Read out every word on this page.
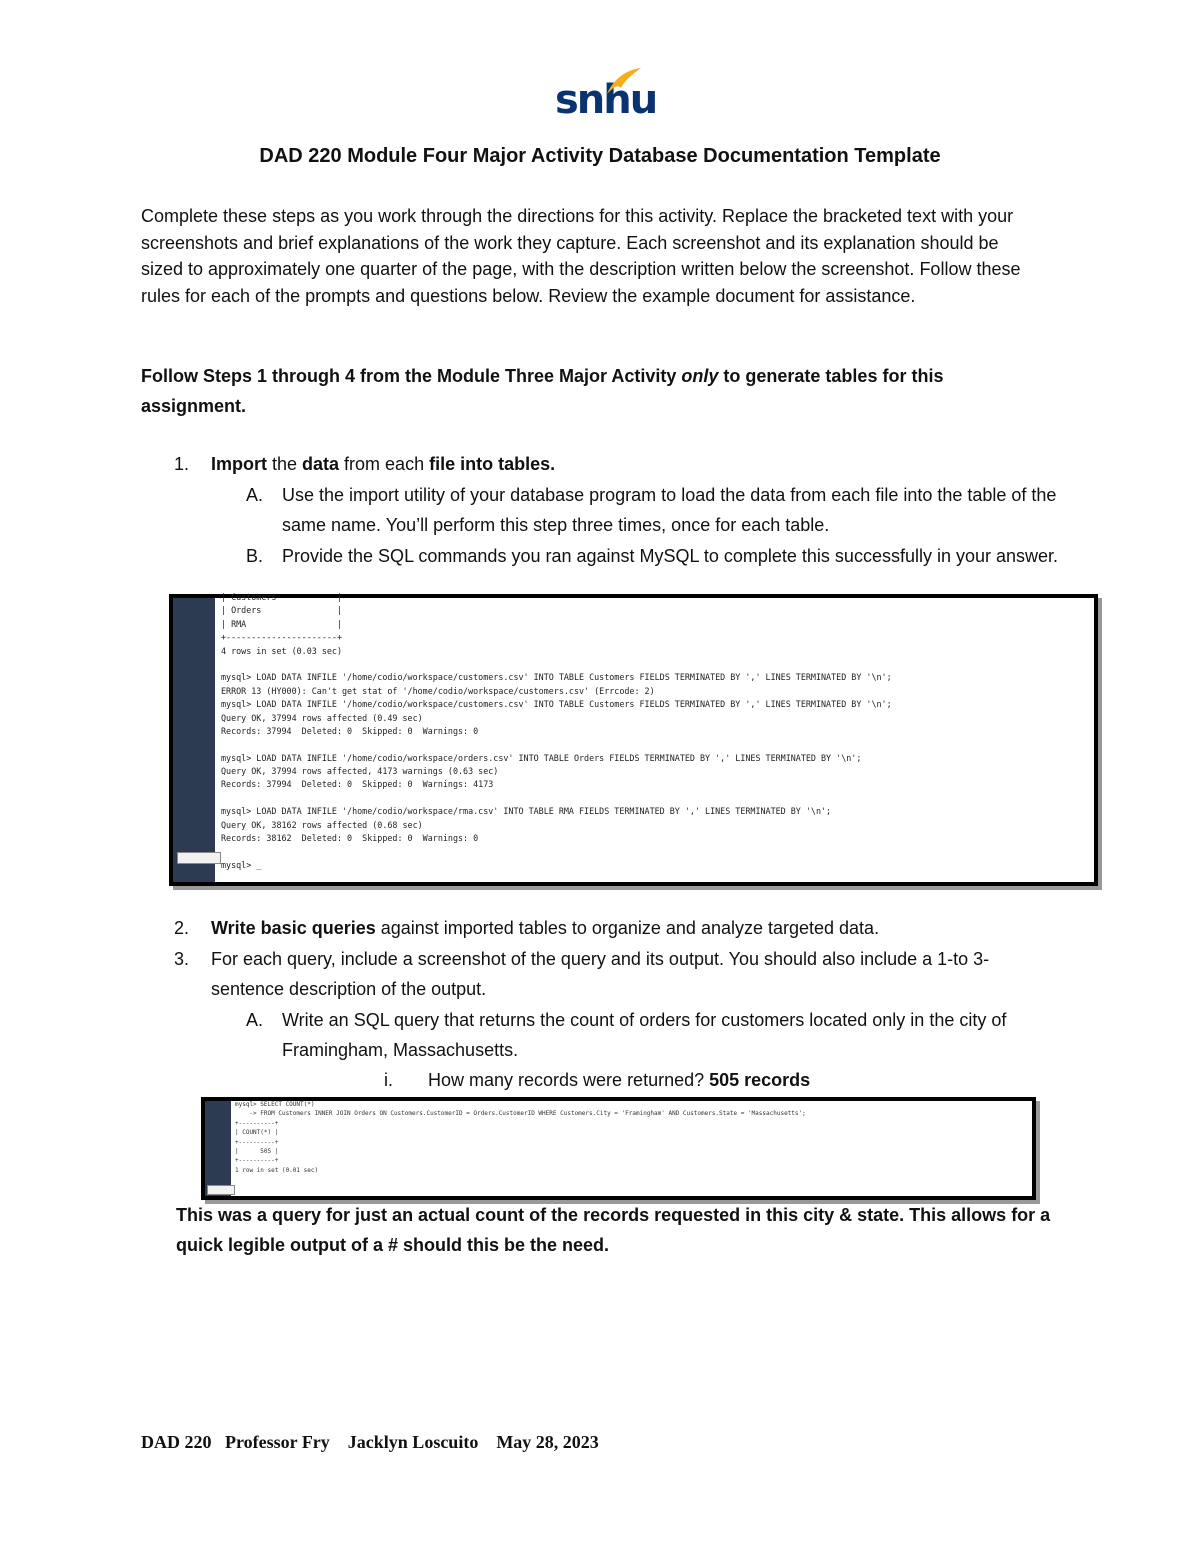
snhu
DAD 220 Module Four Major Activity Database Documentation Template
Complete these steps as you work through the directions for this activity. Replace the bracketed text with your screenshots and brief explanations of the work they capture. Each screenshot and its explanation should be sized to approximately one quarter of the page, with the description written below the screenshot. Follow these rules for each of the prompts and questions below. Review the example document for assistance.
Follow Steps 1 through 4 from the Module Three Major Activity only to generate tables for this assignment.
1. Import the data from each file into tables.
A. Use the import utility of your database program to load the data from each file into the table of the same name. You’ll perform this step three times, once for each table.
B. Provide the SQL commands you ran against MySQL to complete this successfully in your answer.
| Customers            |
| Orders               |
| RMA                  |
+----------------------+
4 rows in set (0.03 sec)
mysql> LOAD DATA INFILE '/home/codio/workspace/customers.csv' INTO TABLE Customers FIELDS TERMINATED BY ',' LINES TERMINATED BY '\n';
ERROR 13 (HY000): Can't get stat of '/home/codio/workspace/customers.csv' (Errcode: 2)
mysql> LOAD DATA INFILE '/home/codio/workspace/customers.csv' INTO TABLE Customers FIELDS TERMINATED BY ',' LINES TERMINATED BY '\n';
Query OK, 37994 rows affected (0.49 sec)
Records: 37994  Deleted: 0  Skipped: 0  Warnings: 0
mysql> LOAD DATA INFILE '/home/codio/workspace/orders.csv' INTO TABLE Orders FIELDS TERMINATED BY ',' LINES TERMINATED BY '\n';
Query OK, 37994 rows affected, 4173 warnings (0.63 sec)
Records: 37994  Deleted: 0  Skipped: 0  Warnings: 4173
mysql> LOAD DATA INFILE '/home/codio/workspace/rma.csv' INTO TABLE RMA FIELDS TERMINATED BY ',' LINES TERMINATED BY '\n';
Query OK, 38162 rows affected (0.68 sec)
Records: 38162  Deleted: 0  Skipped: 0  Warnings: 0
mysql> _
2. Write basic queries against imported tables to organize and analyze targeted data.
3. For each query, include a screenshot of the query and its output. You should also include a 1-to 3-sentence description of the output.
A. Write an SQL query that returns the count of orders for customers located only in the city of Framingham, Massachusetts.
i. How many records were returned? 505 records
mysql> SELECT COUNT(*)
-> FROM Customers INNER JOIN Orders ON Customers.CustomerID = Orders.CustomerID WHERE Customers.City = 'Framingham' AND Customers.State = 'Massachusetts';
+----------+
| COUNT(*) |
+----------+
|      505 |
+----------+
1 row in set (0.01 sec)
This was a query for just an actual count of the records requested in this city & state. This allows for a quick legible output of a # should this be the need.
DAD 220   Professor Fry    Jacklyn Loscuito    May 28, 2023
